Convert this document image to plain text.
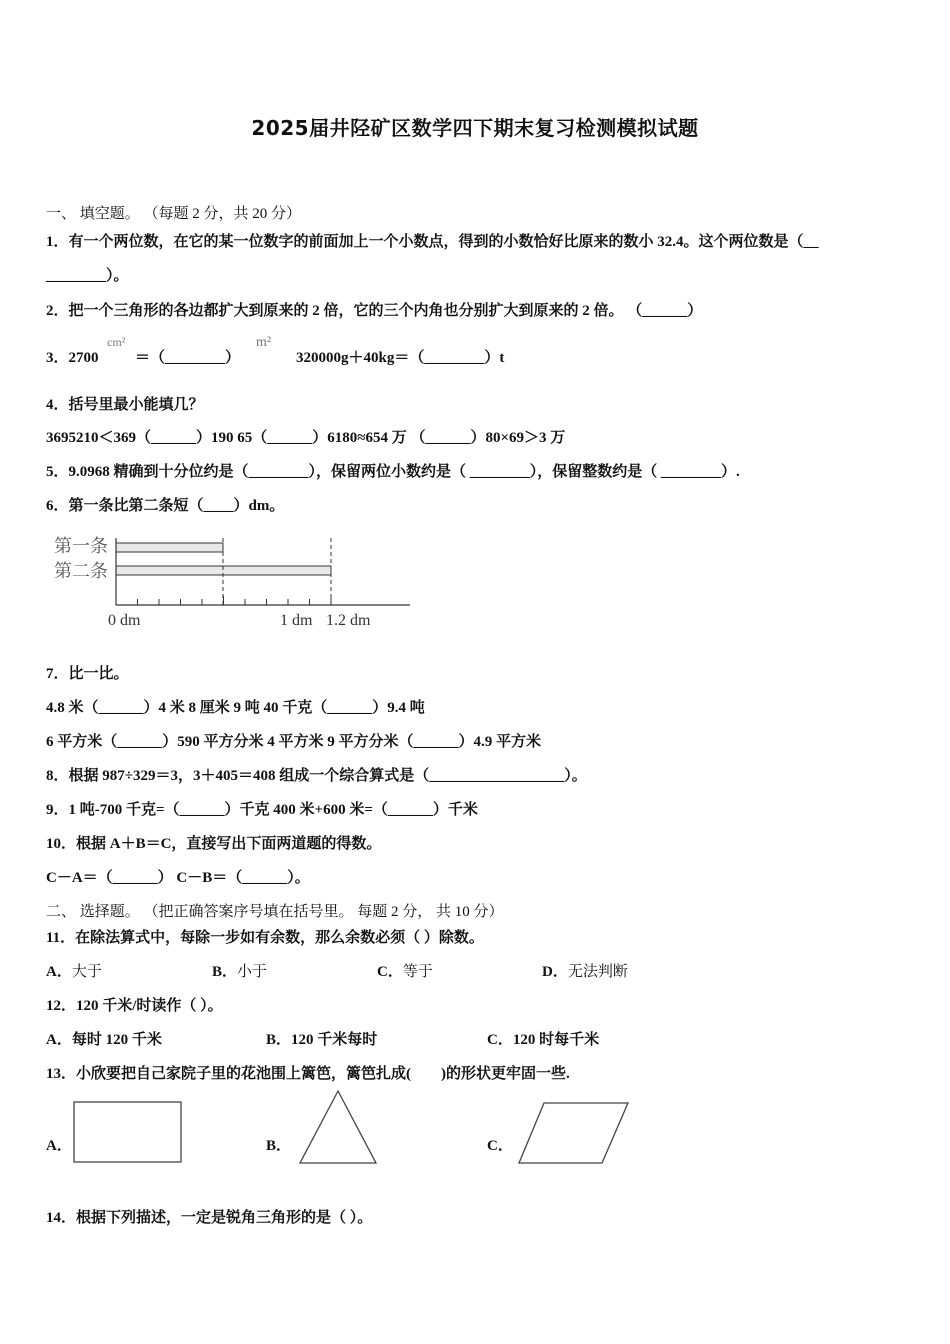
2025届井陉矿区数学四下期末复习检测模拟试题
一、 填空题。 （每题 2 分，共 20 分）
1．有一个两位数，在它的某一位数字的前面加上一个小数点，得到的小数恰好比原来的数小 32.4。这个两位数是（__
________）。
2．把一个三角形的各边都扩大到原来的 2 倍，它的三个内角也分别扩大到原来的 2 倍。 （______）
3．2700
cm²
＝（________）
m²
320000g＋40kg＝（________）t
4．括号里最小能填几？
3695210＜369（______）190 65（______）6180≈654 万 （______）80×69＞3 万
5．9.0968 精确到十分位约是（________），保留两位小数约是（ ________），保留整数约是（ ________）.
6．第一条比第二条短（____）dm。
第一条
第二条
0 dm	1 dm 1.2 dm
7．比一比。
4.8 米（______）4 米 8 厘米 9 吨 40 千克（______）9.4 吨
6 平方米（______）590 平方分米 4 平方米 9 平方分米（______）4.9 平方米
8．根据 987÷329＝3，3＋405＝408 组成一个综合算式是（__________________）。
9．1 吨-700 千克=（______）千克 400 米+600 米=（______）千米
10．根据 A＋B＝C，直接写出下面两道题的得数。
C－A＝（______） C－B＝（______）。
二、 选择题。 （把正确答案序号填在括号里。 每题 2 分， 共 10 分）
11．在除法算式中，每除一步如有余数，那么余数必须（ ）除数。
A．大于	B．小于	C．等于	D．无法判断
12．120 千米/时读作（ ）。
A．每时 120 千米	B．120 千米每时	C．120 时每千米
13．小欣要把自己家院子里的花池围上篱笆，篱笆扎成(　　)的形状更牢固一些.
A．	B．	C．
14．根据下列描述，一定是锐角三角形的是（ ）。
